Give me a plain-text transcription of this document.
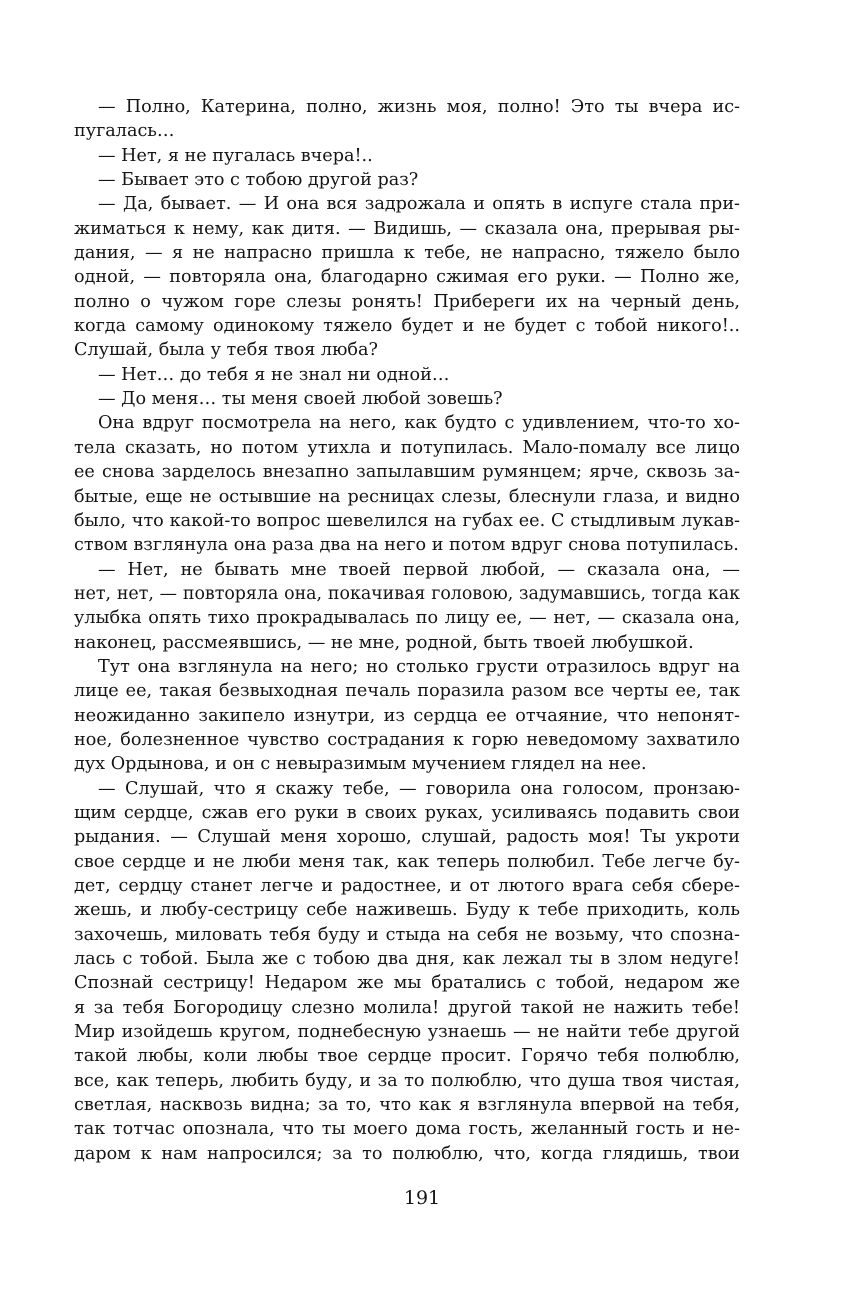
— Полно, Катерина, полно, жизнь моя, полно! Это ты вчера ис-
пугалась…
— Нет, я не пугалась вчера!..
— Бывает это с тобою другой раз?
— Да, бывает. — И она вся задрожала и опять в испуге стала при-
жиматься к нему, как дитя. — Видишь, — сказала она, прерывая ры-
дания, — я не напрасно пришла к тебе, не напрасно, тяжело было
одной, — повторяла она, благодарно сжимая его руки. — Полно же,
полно о чужом горе слезы ронять! Прибереги их на черный день,
когда самому одинокому тяжело будет и не будет с тобой никого!..
Слушай, была у тебя твоя люба?
— Нет… до тебя я не знал ни одной…
— До меня… ты меня своей любой зовешь?
Она вдруг посмотрела на него, как будто с удивлением, что-то хо-
тела сказать, но потом утихла и потупилась. Мало-помалу все лицо
ее снова зарделось внезапно запылавшим румянцем; ярче, сквозь за-
бытые, еще не остывшие на ресницах слезы, блеснули глаза, и видно
было, что какой-то вопрос шевелился на губах ее. С стыдливым лукав-
ством взглянула она раза два на него и потом вдруг снова потупилась.
— Нет, не бывать мне твоей первой любой, — сказала она, —
нет, нет, — повторяла она, покачивая головою, задумавшись, тогда как
улыбка опять тихо прокрадывалась по лицу ее, — нет, — сказала она,
наконец, рассмеявшись, — не мне, родной, быть твоей любушкой.
Тут она взглянула на него; но столько грусти отразилось вдруг на
лице ее, такая безвыходная печаль поразила разом все черты ее, так
неожиданно закипело изнутри, из сердца ее отчаяние, что непонят-
ное, болезненное чувство сострадания к горю неведомому захватило
дух Ордынова, и он с невыразимым мучением глядел на нее.
— Слушай, что я скажу тебе, — говорила она голосом, пронзаю-
щим сердце, сжав его руки в своих руках, усиливаясь подавить свои
рыдания. — Слушай меня хорошо, слушай, радость моя! Ты укроти
свое сердце и не люби меня так, как теперь полюбил. Тебе легче бу-
дет, сердцу станет легче и радостнее, и от лютого врага себя сбере-
жешь, и любу-сестрицу себе наживешь. Буду к тебе приходить, коль
захочешь, миловать тебя буду и стыда на себя не возьму, что спозна-
лась с тобой. Была же с тобою два дня, как лежал ты в злом недуге!
Спознай сестрицу! Недаром же мы братались с тобой, недаром же
я за тебя Богородицу слезно молила! другой такой не нажить тебе!
Мир изойдешь кругом, поднебесную узнаешь — не найти тебе другой
такой любы, коли любы твое сердце просит. Горячо тебя полюблю,
все, как теперь, любить буду, и за то полюблю, что душа твоя чистая,
светлая, насквозь видна; за то, что как я взглянула впервой на тебя,
так тотчас опознала, что ты моего дома гость, желанный гость и не-
даром к нам напросился; за то полюблю, что, когда глядишь, твои
191
